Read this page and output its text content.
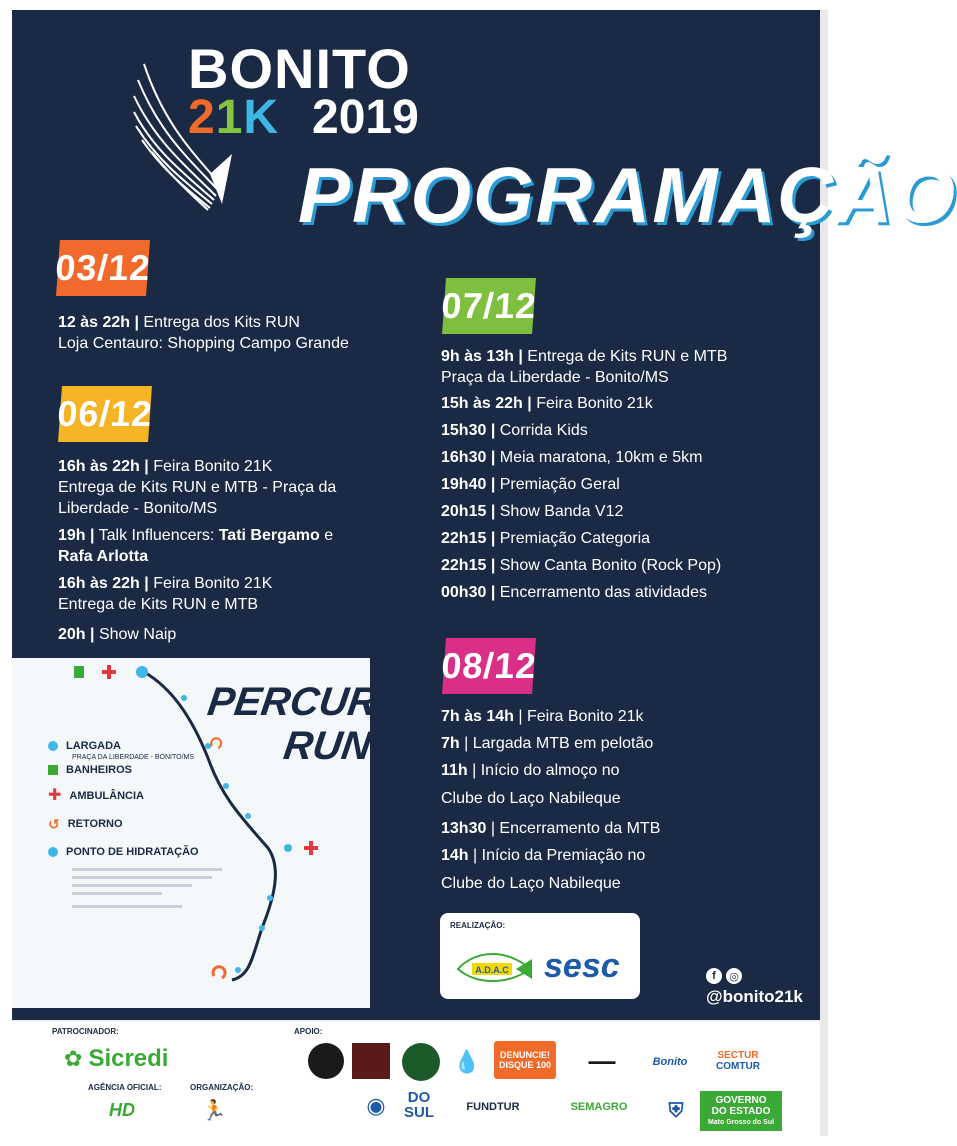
BONITO
21K 2019
PROGRAMAÇÃO
03/12
12 às 22h | Entrega dos Kits RUN
Loja Centauro: Shopping Campo Grande
06/12
16h às 22h | Feira Bonito 21K
Entrega de Kits RUN e MTB - Praça da
Liberdade - Bonito/MS
19h | Talk Influencers: Tati Bergamo e
Rafa Arlotta
16h às 22h | Feira Bonito 21K
Entrega de Kits RUN e MTB
20h | Show Naip
07/12
9h às 13h | Entrega de Kits RUN e MTB
Praça da Liberdade - Bonito/MS
15h às 22h | Feira Bonito 21k
15h30 | Corrida Kids
16h30 | Meia maratona, 10km e 5km
19h40 | Premiação Geral
20h15 | Show Banda V12
22h15 | Premiação Categoria
22h15 | Show Canta Bonito (Rock Pop)
00h30 | Encerramento das atividades
08/12
7h às 14h | Feira Bonito 21k
7h | Largada MTB em pelotão
11h | Início do almoço no
Clube do Laço Nabileque
13h30 | Encerramento da MTB
14h | Início da Premiação no
Clube do Laço Nabileque
REALIZAÇÃO:
A.D.A.C sesc	f	◎
@bonito21k
PERCURSO
RUN
LARGADA
PRAÇA DA LIBERDADE - BONITO/MS
BANHEIROS
✚ AMBULÂNCIA
↺ RETORNO
PONTO DE HIDRATAÇÃO
PATROCINADOR:
✿ Sicredi
AGÊNCIA OFICIAL:
HD
ORGANIZAÇÃO:
🏃
APOIO:
💧 DENUNCIE!
DISQUE 100	▬▬▬	Bonito
SECTUR
COMTUR
◉	DO
SUL	FUNDTUR	SEMAGRO	⛨	GOVERNO
DO ESTADO
Mato Grosso do Sul
